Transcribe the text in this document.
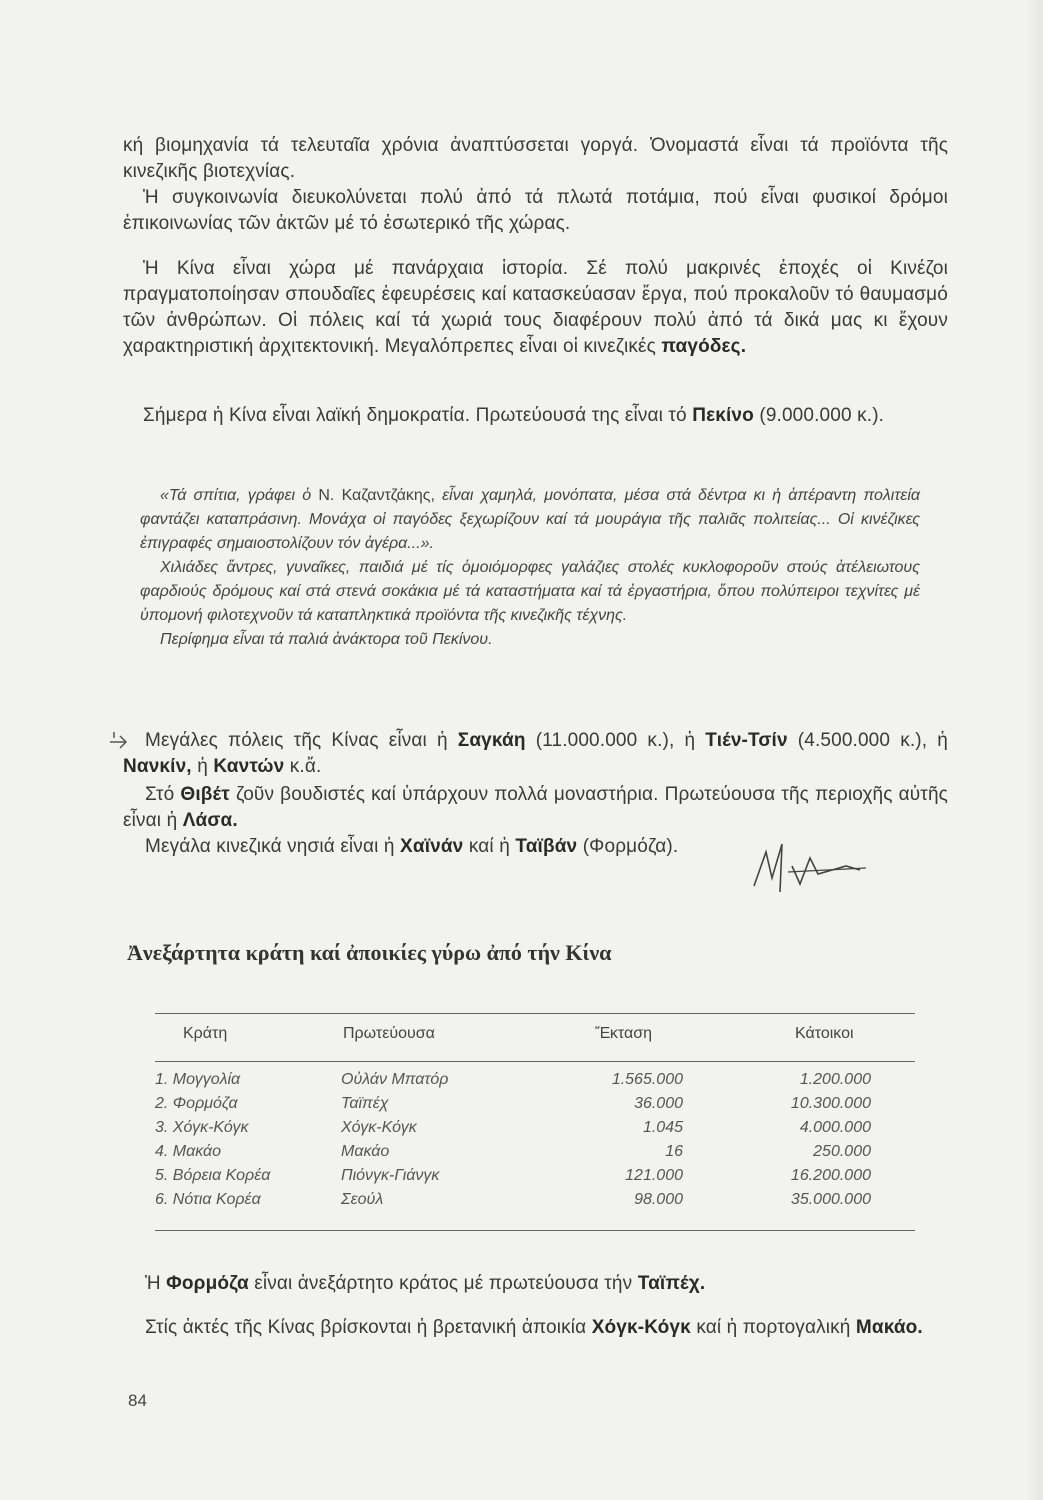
κή βιομηχανία τά τελευταῖα χρόνια ἀναπτύσσεται γοργά. Ὀνομαστά εἶναι τά προϊόντα τῆς κινεζικῆς βιοτεχνίας.

Ἡ συγκοινωνία διευκολύνεται πολύ ἀπό τά πλωτά ποτάμια, πού εἶναι φυσικοί δρόμοι ἐπικοινωνίας τῶν ἀκτῶν μέ τό ἐσωτερικό τῆς χώρας.

Ἡ Κίνα εἶναι χώρα μέ πανάρχαια ἱστορία. Σέ πολύ μακρινές ἐποχές οἱ Κινέζοι πραγματοποίησαν σπουδαῖες ἐφευρέσεις καί κατασκεύασαν ἔργα, πού προκαλοῦν τό θαυμασμό τῶν ἀνθρώπων. Οἱ πόλεις καί τά χωριά τους διαφέρουν πολύ ἀπό τά δικά μας κι ἔχουν χαρακτηριστική ἀρχιτεκτονική. Μεγαλόπρεπες εἶναι οἱ κινεζικές παγόδες.

Σήμερα ἡ Κίνα εἶναι λαϊκή δημοκρατία. Πρωτεύουσά της εἶναι τό Πεκίνο (9.000.000 κ.).

«Τά σπίτια, γράφει ὁ Ν. Καζαντζάκης, εἶναι χαμηλά, μονόπατα, μέσα στά δέντρα κι ἡ ἀπέραντη πολιτεία φαντάζει καταπράσινη. Μονάχα οἱ παγόδες ξεχωρίζουν καί τά μουράγια τῆς παλιᾶς πολιτείας... Οἱ κινέζικες ἐπιγραφές σημαιοστολίζουν τόν ἀγέρα...».

Χιλιάδες ἄντρες, γυναῖκες, παιδιά μέ τίς ὁμοιόμορφες γαλάζιες στολές κυκλοφοροῦν στούς ἀτέλειωτους φαρδιούς δρόμους καί στά στενά σοκάκια μέ τά καταστήματα καί τά ἐργαστήρια, ὅπου πολύπειροι τεχνίτες μέ ὑπομονή φιλοτεχνοῦν τά καταπληκτικά προϊόντα τῆς κινεζικῆς τέχνης.

Περίφημα εἶναι τά παλιά ἀνάκτορα τοῦ Πεκίνου.

Μεγάλες πόλεις τῆς Κίνας εἶναι ἡ Σαγκάη (11.000.000 κ.), ἡ Τιέν-Τσίν (4.500.000 κ.), ἡ Νανκίν, ἡ Καντών κ.ἄ.

Στό Θιβέτ ζοῦν βουδιστές καί ὑπάρχουν πολλά μοναστήρια. Πρωτεύουσα τῆς περιοχῆς αὐτῆς εἶναι ἡ Λάσα.

Μεγάλα κινεζικά νησιά εἶναι ἡ Χαϊνάν καί ἡ Ταϊβάν (Φορμόζα).

Ἀνεξάρτητα κράτη καί ἀποικίες γύρω ἀπό τήν Κίνα
Κράτη	Πρωτεύουσα	Ἔκταση	Κάτοικοι
1. Μογγολία	Οὐλάν Μπατόρ	1.565.000	1.200.000
2. Φορμόζα	Ταϊπέχ	36.000	10.300.000
3. Χόγκ-Κόγκ	Χόγκ-Κόγκ	1.045	4.000.000
4. Μακάο	Μακάο	16	250.000
5. Βόρεια Κορέα	Πιόνγκ-Γιάνγκ	121.000	16.200.000
6. Νότια Κορέα	Σεούλ	98.000	35.000.000

Ἡ Φορμόζα εἶναι ἀνεξάρτητο κράτος μέ πρωτεύουσα τήν Ταϊπέχ.

Στίς ἀκτές τῆς Κίνας βρίσκονται ἡ βρετανική ἀποικία Χόγκ-Κόγκ καί ἡ πορτογαλική Μακάο.

84
